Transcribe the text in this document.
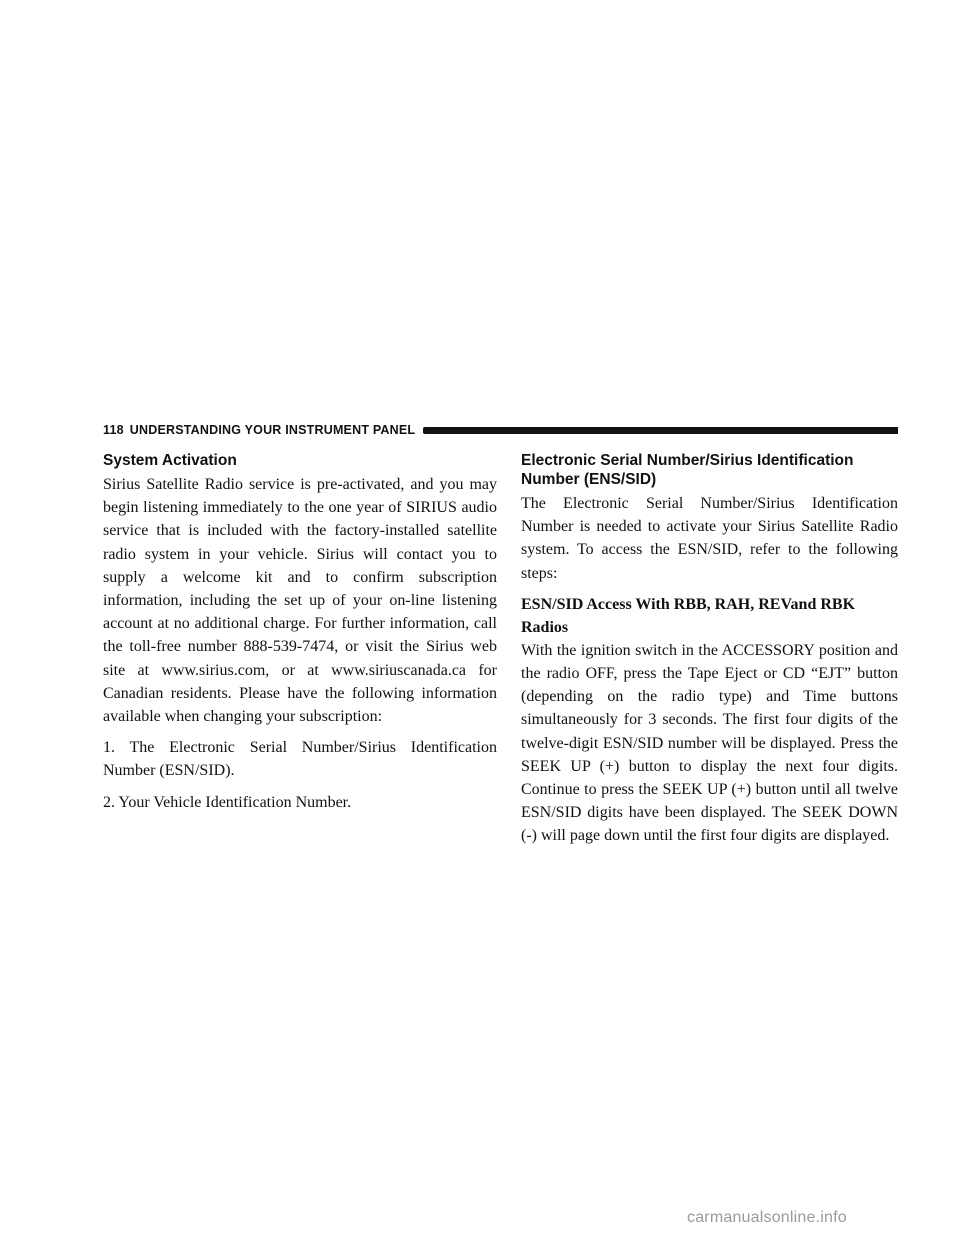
118 UNDERSTANDING YOUR INSTRUMENT PANEL
System Activation

Sirius Satellite Radio service is pre-activated, and you may begin listening immediately to the one year of SIRIUS audio service that is included with the factory-installed satellite radio system in your vehicle. Sirius will contact you to supply a welcome kit and to confirm subscription information, including the set up of your on-line listening account at no additional charge. For further information, call the toll-free number 888-539-7474, or visit the Sirius web site at www.sirius.com, or at www.siriuscanada.ca for Canadian residents. Please have the following information available when changing your subscription:

1. The Electronic Serial Number/Sirius Identification Number (ESN/SID).

2. Your Vehicle Identification Number.

Electronic Serial Number/Sirius Identification Number (ENS/SID)

The Electronic Serial Number/Sirius Identification Number is needed to activate your Sirius Satellite Radio system. To access the ESN/SID, refer to the following steps:

ESN/SID Access With RBB, RAH, REVand RBK Radios

With the ignition switch in the ACCESSORY position and the radio OFF, press the Tape Eject or CD “EJT” button (depending on the radio type) and Time buttons simultaneously for 3 seconds. The first four digits of the twelve-digit ESN/SID number will be displayed. Press the SEEK UP (+) button to display the next four digits. Continue to press the SEEK UP (+) button until all twelve ESN/SID digits have been displayed. The SEEK DOWN (-) will page down until the first four digits are displayed.

carmanualsonline.info
